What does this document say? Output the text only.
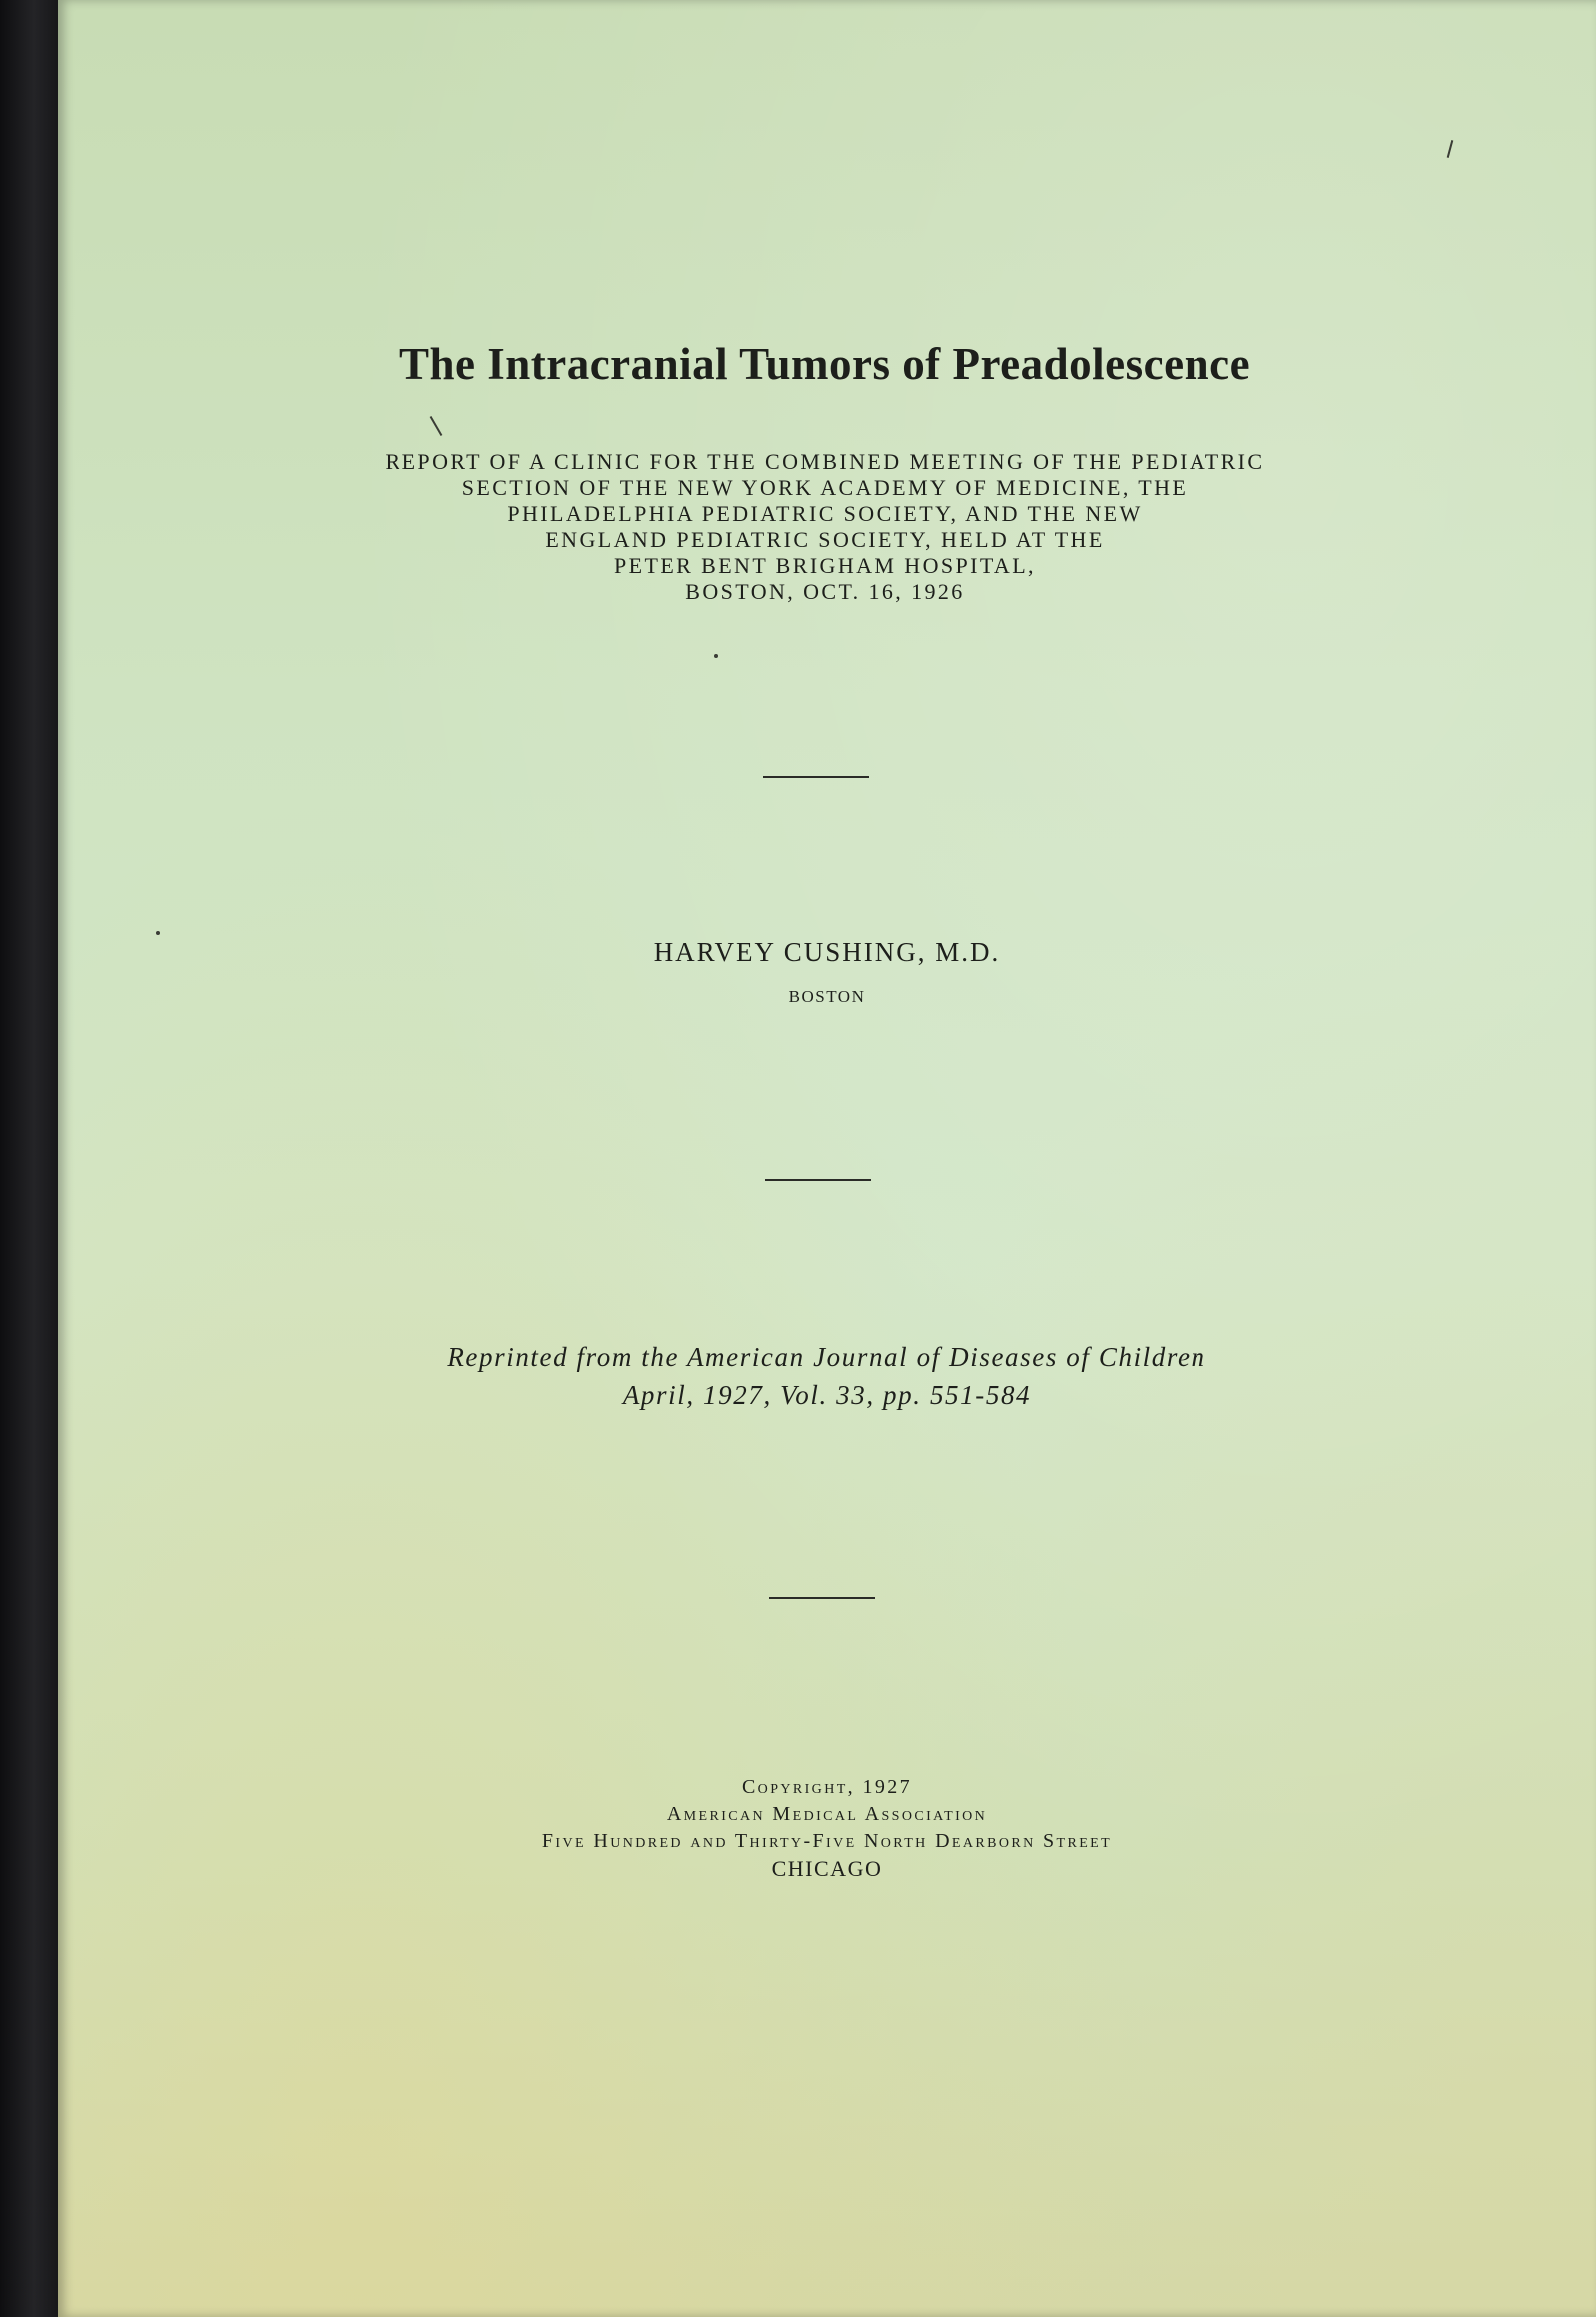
The Intracranial Tumors of Preadolescence
REPORT OF A CLINIC FOR THE COMBINED MEETING OF THE PEDIATRIC
SECTION OF THE NEW YORK ACADEMY OF MEDICINE, THE
PHILADELPHIA PEDIATRIC SOCIETY, AND THE NEW
ENGLAND PEDIATRIC SOCIETY, HELD AT THE
PETER BENT BRIGHAM HOSPITAL,
BOSTON, OCT. 16, 1926
HARVEY CUSHING, M.D.
BOSTON
Reprinted from the American Journal of Diseases of Children
April, 1927, Vol. 33, pp. 551-584
Copyright, 1927
American Medical Association
Five Hundred and Thirty-Five North Dearborn Street
CHICAGO
